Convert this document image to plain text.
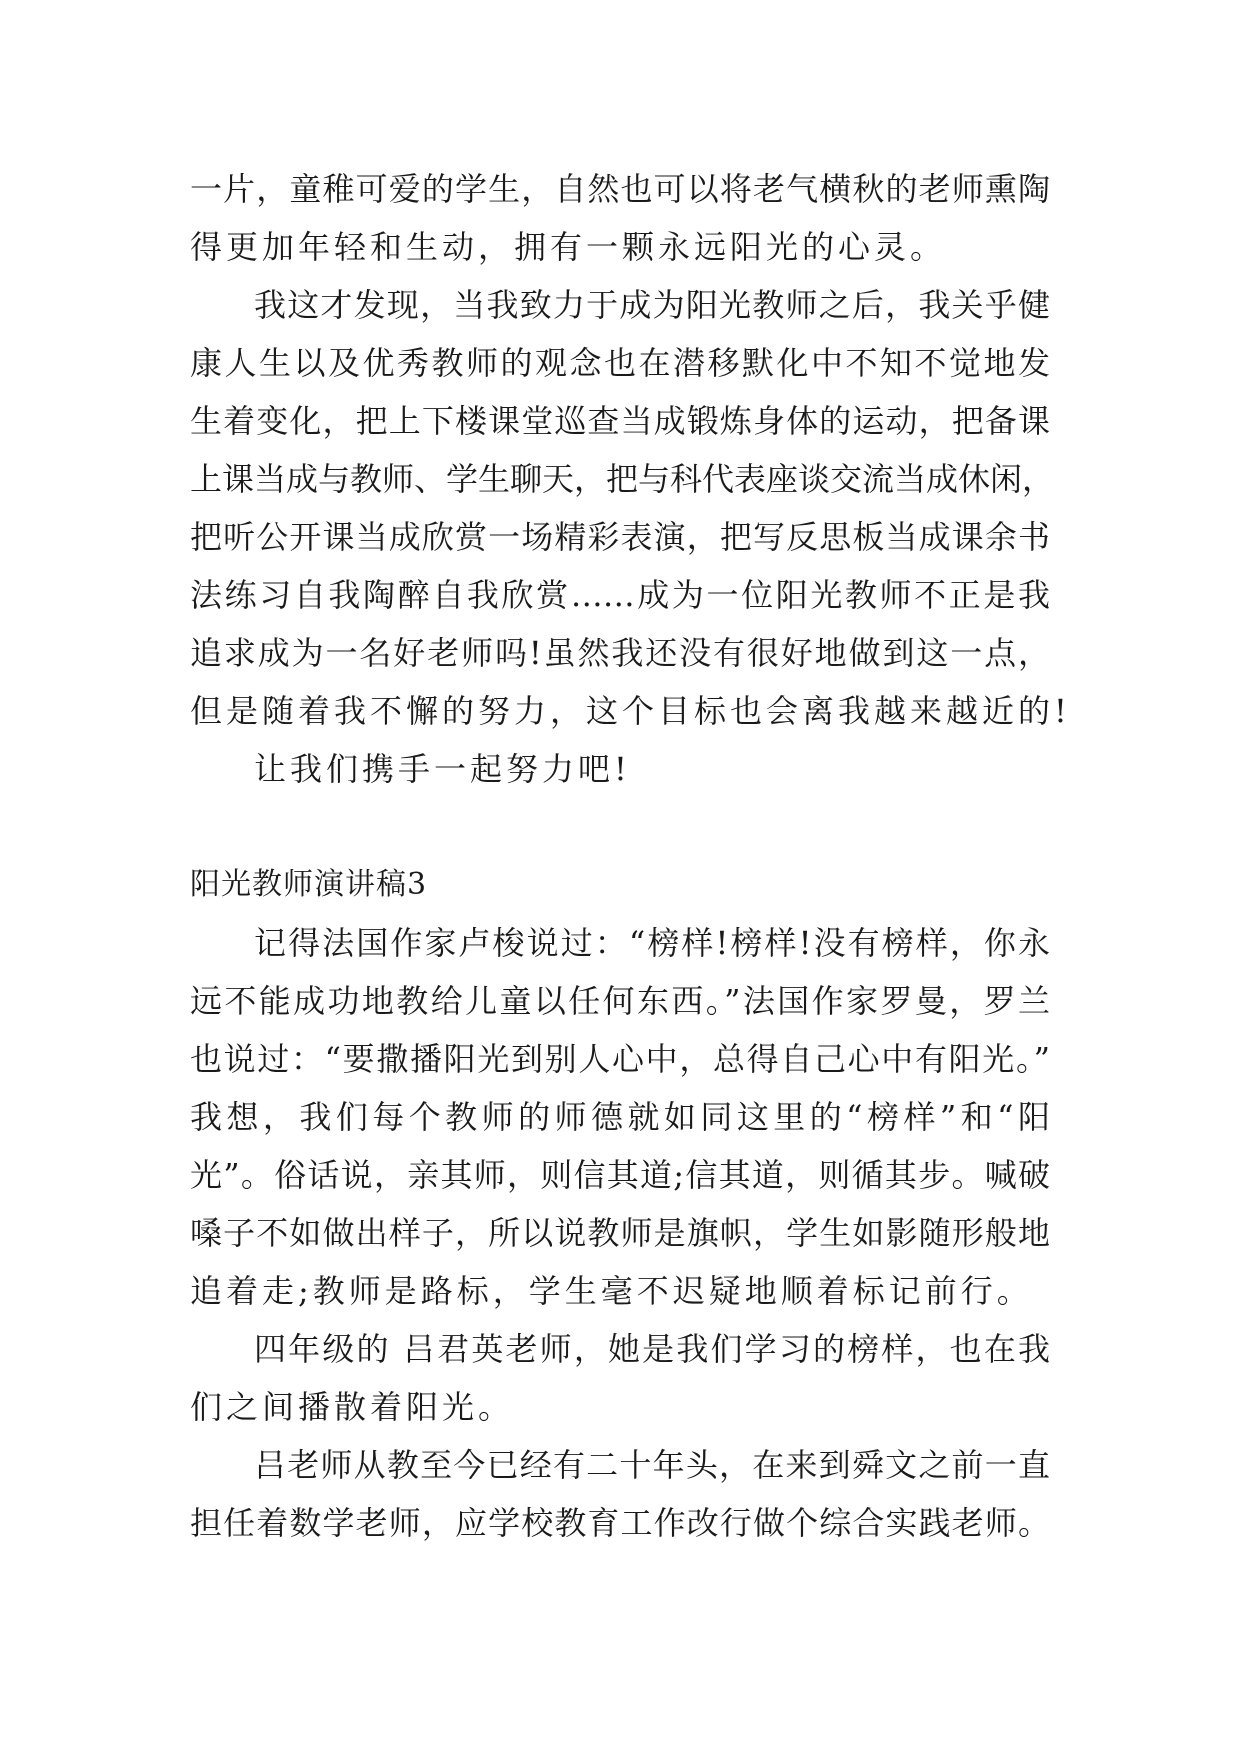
一片，童稚可爱的学生，自然也可以将老气横秋的老师熏陶
得更加年轻和生动，拥有一颗永远阳光的心灵。
我这才发现，当我致力于成为阳光教师之后，我关乎健
康人生以及优秀教师的观念也在潜移默化中不知不觉地发
生着变化，把上下楼课堂巡查当成锻炼身体的运动，把备课
上课当成与教师、学生聊天，把与科代表座谈交流当成休闲，
把听公开课当成欣赏一场精彩表演，把写反思板当成课余书
法练习自我陶醉自我欣赏……成为一位阳光教师不正是我
追求成为一名好老师吗!虽然我还没有很好地做到这一点，
但是随着我不懈的努力，这个目标也会离我越来越近的!
让我们携手一起努力吧!
阳光教师演讲稿3
记得法国作家卢梭说过：“榜样!榜样!没有榜样，你永
远不能成功地教给儿童以任何东西。”法国作家罗曼，罗兰
也说过：“要撒播阳光到别人心中，总得自己心中有阳光。”
我想，我们每个教师的师德就如同这里的“榜样”和“阳
光”。俗话说，亲其师，则信其道;信其道，则循其步。喊破
嗓子不如做出样子，所以说教师是旗帜，学生如影随形般地
追着走;教师是路标，学生毫不迟疑地顺着标记前行。
四年级的 吕君英老师，她是我们学习的榜样，也在我
们之间播散着阳光。
吕老师从教至今已经有二十年头，在来到舜文之前一直
担任着数学老师，应学校教育工作改行做个综合实践老师。
